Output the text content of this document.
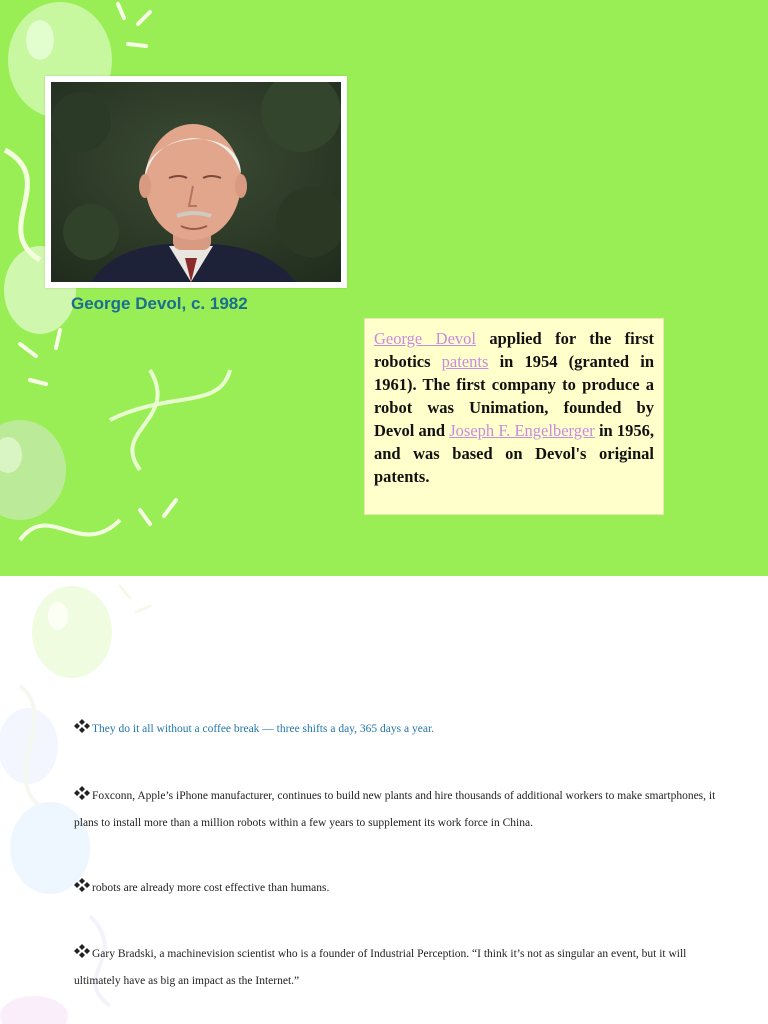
George Devol, c. 1982

George Devol applied for the first robotics patents in 1954 (granted in 1961). The first company to produce a robot was Unimation, founded by Devol and Joseph F. Engelberger in 1956, and was based on Devol's original patents.

They do it all without a coffee break — three shifts a day, 365 days a year.

Foxconn, Apple’s iPhone manufacturer, continues to build new plants and hire thousands of additional workers to make smartphones, it plans to install more than a million robots within a few years to supplement its work force in China.

robots are already more cost effective than humans.

Gary Bradski, a machinevision scientist who is a founder of Industrial Perception. “I think it’s not as singular an event, but it will ultimately have as big an impact as the Internet.”
